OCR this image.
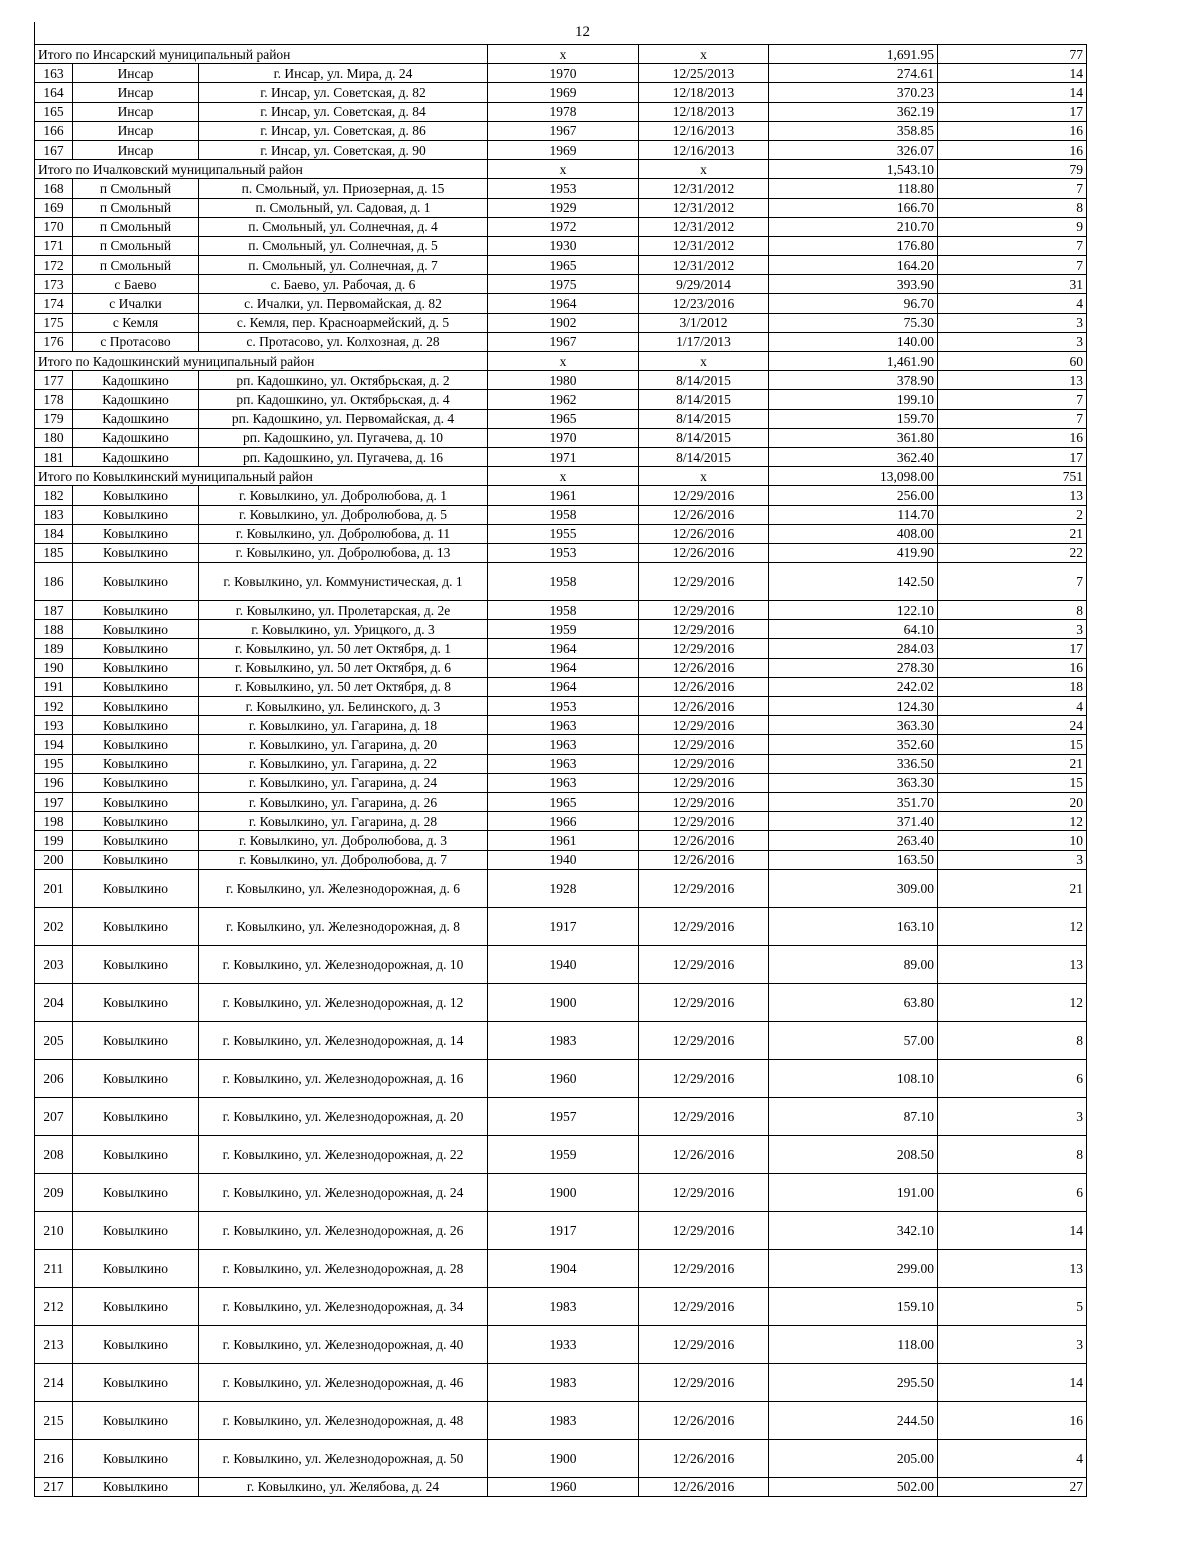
12
Итого по Инсарский муниципальный район			x	x	1,691.95	77
163	Инсар	г. Инсар, ул. Мира, д. 24	1970	12/25/2013	274.61	14
164	Инсар	г. Инсар, ул. Советская, д. 82	1969	12/18/2013	370.23	14
165	Инсар	г. Инсар, ул. Советская, д. 84	1978	12/18/2013	362.19	17
166	Инсар	г. Инсар, ул. Советская, д. 86	1967	12/16/2013	358.85	16
167	Инсар	г. Инсар, ул. Советская, д. 90	1969	12/16/2013	326.07	16
Итого по Ичалковский муниципальный район			x	x	1,543.10	79
168	п Смольный	п. Смольный, ул. Приозерная, д. 15	1953	12/31/2012	118.80	7
169	п Смольный	п. Смольный, ул. Садовая, д. 1	1929	12/31/2012	166.70	8
170	п Смольный	п. Смольный, ул. Солнечная, д. 4	1972	12/31/2012	210.70	9
171	п Смольный	п. Смольный, ул. Солнечная, д. 5	1930	12/31/2012	176.80	7
172	п Смольный	п. Смольный, ул. Солнечная, д. 7	1965	12/31/2012	164.20	7
173	с Баево	с. Баево, ул. Рабочая, д. 6	1975	9/29/2014	393.90	31
174	с Ичалки	с. Ичалки, ул. Первомайская, д. 82	1964	12/23/2016	96.70	4
175	с Кемля	с. Кемля, пер. Красноармейский, д. 5	1902	3/1/2012	75.30	3
176	с Протасово	с. Протасово, ул. Колхозная, д. 28	1967	1/17/2013	140.00	3
Итого по Кадошкинский муниципальный район			x	x	1,461.90	60
177	Кадошкино	рп. Кадошкино, ул. Октябрьская, д. 2	1980	8/14/2015	378.90	13
178	Кадошкино	рп. Кадошкино, ул. Октябрьская, д. 4	1962	8/14/2015	199.10	7
179	Кадошкино	рп. Кадошкино, ул. Первомайская, д. 4	1965	8/14/2015	159.70	7
180	Кадошкино	рп. Кадошкино, ул. Пугачева, д. 10	1970	8/14/2015	361.80	16
181	Кадошкино	рп. Кадошкино, ул. Пугачева, д. 16	1971	8/14/2015	362.40	17
Итого по Ковылкинский муниципальный район			x	x	13,098.00	751
182	Ковылкино	г. Ковылкино, ул. Добролюбова, д. 1	1961	12/29/2016	256.00	13
183	Ковылкино	г. Ковылкино, ул. Добролюбова, д. 5	1958	12/26/2016	114.70	2
184	Ковылкино	г. Ковылкино, ул. Добролюбова, д. 11	1955	12/26/2016	408.00	21
185	Ковылкино	г. Ковылкино, ул. Добролюбова, д. 13	1953	12/26/2016	419.90	22
186	Ковылкино	г. Ковылкино, ул. Коммунистическая, д. 1	1958	12/29/2016	142.50	7
187	Ковылкино	г. Ковылкино, ул. Пролетарская, д. 2е	1958	12/29/2016	122.10	8
188	Ковылкино	г. Ковылкино, ул. Урицкого, д. 3	1959	12/29/2016	64.10	3
189	Ковылкино	г. Ковылкино, ул. 50 лет Октября, д. 1	1964	12/29/2016	284.03	17
190	Ковылкино	г. Ковылкино, ул. 50 лет Октября, д. 6	1964	12/26/2016	278.30	16
191	Ковылкино	г. Ковылкино, ул. 50 лет Октября, д. 8	1964	12/26/2016	242.02	18
192	Ковылкино	г. Ковылкино, ул. Белинского, д. 3	1953	12/26/2016	124.30	4
193	Ковылкино	г. Ковылкино, ул. Гагарина, д. 18	1963	12/29/2016	363.30	24
194	Ковылкино	г. Ковылкино, ул. Гагарина, д. 20	1963	12/29/2016	352.60	15
195	Ковылкино	г. Ковылкино, ул. Гагарина, д. 22	1963	12/29/2016	336.50	21
196	Ковылкино	г. Ковылкино, ул. Гагарина, д. 24	1963	12/29/2016	363.30	15
197	Ковылкино	г. Ковылкино, ул. Гагарина, д. 26	1965	12/29/2016	351.70	20
198	Ковылкино	г. Ковылкино, ул. Гагарина, д. 28	1966	12/29/2016	371.40	12
199	Ковылкино	г. Ковылкино, ул. Добролюбова, д. 3	1961	12/26/2016	263.40	10
200	Ковылкино	г. Ковылкино, ул. Добролюбова, д. 7	1940	12/26/2016	163.50	3
201	Ковылкино	г. Ковылкино, ул. Железнодорожная, д. 6	1928	12/29/2016	309.00	21
202	Ковылкино	г. Ковылкино, ул. Железнодорожная, д. 8	1917	12/29/2016	163.10	12
203	Ковылкино	г. Ковылкино, ул. Железнодорожная, д. 10	1940	12/29/2016	89.00	13
204	Ковылкино	г. Ковылкино, ул. Железнодорожная, д. 12	1900	12/29/2016	63.80	12
205	Ковылкино	г. Ковылкино, ул. Железнодорожная, д. 14	1983	12/29/2016	57.00	8
206	Ковылкино	г. Ковылкино, ул. Железнодорожная, д. 16	1960	12/29/2016	108.10	6
207	Ковылкино	г. Ковылкино, ул. Железнодорожная, д. 20	1957	12/29/2016	87.10	3
208	Ковылкино	г. Ковылкино, ул. Железнодорожная, д. 22	1959	12/26/2016	208.50	8
209	Ковылкино	г. Ковылкино, ул. Железнодорожная, д. 24	1900	12/29/2016	191.00	6
210	Ковылкино	г. Ковылкино, ул. Железнодорожная, д. 26	1917	12/29/2016	342.10	14
211	Ковылкино	г. Ковылкино, ул. Железнодорожная, д. 28	1904	12/29/2016	299.00	13
212	Ковылкино	г. Ковылкино, ул. Железнодорожная, д. 34	1983	12/29/2016	159.10	5
213	Ковылкино	г. Ковылкино, ул. Железнодорожная, д. 40	1933	12/29/2016	118.00	3
214	Ковылкино	г. Ковылкино, ул. Железнодорожная, д. 46	1983	12/29/2016	295.50	14
215	Ковылкино	г. Ковылкино, ул. Железнодорожная, д. 48	1983	12/26/2016	244.50	16
216	Ковылкино	г. Ковылкино, ул. Железнодорожная, д. 50	1900	12/26/2016	205.00	4
217	Ковылкино	г. Ковылкино, ул. Желябова, д. 24	1960	12/26/2016	502.00	27
